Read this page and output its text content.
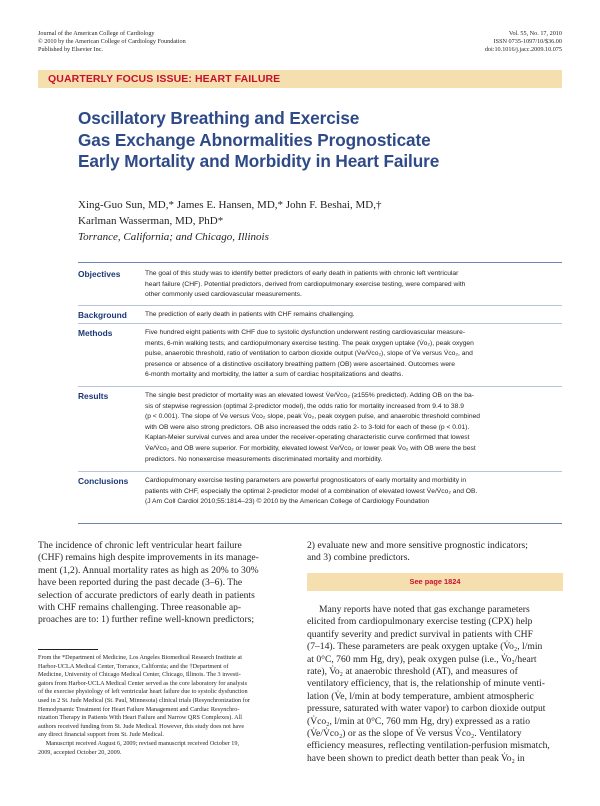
Journal of the American College of Cardiology
© 2010 by the American College of Cardiology Foundation
Published by Elsevier Inc.
Vol. 55, No. 17, 2010
ISSN 0735-1097/10/$36.00
doi:10.1016/j.jacc.2009.10.075
QUARTERLY FOCUS ISSUE: HEART FAILURE
Oscillatory Breathing and Exercise
Gas Exchange Abnormalities Prognosticate
Early Mortality and Morbidity in Heart Failure
Xing-Guo Sun, MD,* James E. Hansen, MD,* John F. Beshai, MD,†
Karlman Wasserman, MD, PhD*
Torrance, California; and Chicago, Illinois
Objectives	The goal of this study was to identify better predictors of early death in patients with chronic left ventricular
heart failure (CHF). Potential predictors, derived from cardiopulmonary exercise testing, were compared with
other commonly used cardiovascular measurements.
Background	The prediction of early death in patients with CHF remains challenging.
Methods	Five hundred eight patients with CHF due to systolic dysfunction underwent resting cardiovascular measure-
ments, 6-min walking tests, and cardiopulmonary exercise testing. The peak oxygen uptake (V̇o₂), peak oxygen
pulse, anaerobic threshold, ratio of ventilation to carbon dioxide output (V̇e/V̇co₂), slope of V̇e versus V̇co₂, and
presence or absence of a distinctive oscillatory breathing pattern (OB) were ascertained. Outcomes were
6-month mortality and morbidity, the latter a sum of cardiac hospitalizations and deaths.
Results	The single best predictor of mortality was an elevated lowest V̇e/V̇co₂ (≥155% predicted). Adding OB on the ba-
sis of stepwise regression (optimal 2-predictor model), the odds ratio for mortality increased from 9.4 to 38.9
(p < 0.001). The slope of V̇e versus V̇co₂ slope, peak V̇o₂, peak oxygen pulse, and anaerobic threshold combined
with OB were also strong predictors. OB also increased the odds ratio 2- to 3-fold for each of these (p < 0.01).
Kaplan-Meier survival curves and area under the receiver-operating characteristic curve confirmed that lowest
V̇e/V̇co₂ and OB were superior. For morbidity, elevated lowest V̇e/V̇co₂ or lower peak V̇o₂ with OB were the best
predictors. No nonexercise measurements discriminated mortality and morbidity.
Conclusions Cardiopulmonary exercise testing parameters are powerful prognosticators of early mortality and morbidity in
patients with CHF, especially the optimal 2-predictor model of a combination of elevated lowest V̇e/V̇co₂ and OB.
(J Am Coll Cardiol 2010;55:1814–23) © 2010 by the American College of Cardiology Foundation
The incidence of chronic left ventricular heart failure
(CHF) remains high despite improvements in its manage-
ment (1,2). Annual mortality rates as high as 20% to 30%
have been reported during the past decade (3–6). The
selection of accurate predictors of early death in patients
with CHF remains challenging. Three reasonable ap-
proaches are to: 1) further refine well-known predictors;
2) evaluate new and more sensitive prognostic indicators;
and 3) combine predictors.
See page 1824
Many reports have noted that gas exchange parameters
elicited from cardiopulmonary exercise testing (CPX) help
quantify severity and predict survival in patients with CHF
(7–14). These parameters are peak oxygen uptake (V̇o₂, l/min
at 0°C, 760 mm Hg, dry), peak oxygen pulse (i.e., V̇o₂/heart
rate), V̇o₂ at anaerobic threshold (AT), and measures of
ventilatory efficiency, that is, the relationship of minute venti-
lation (V̇e, l/min at body temperature, ambient atmospheric
pressure, saturated with water vapor) to carbon dioxide output
(V̇co₂, l/min at 0°C, 760 mm Hg, dry) expressed as a ratio
(V̇e/V̇co₂) or as the slope of V̇e versus V̇co₂. Ventilatory
efficiency measures, reflecting ventilation-perfusion mismatch,
have been shown to predict death better than peak V̇o₂ in
From the *Department of Medicine, Los Angeles Biomedical Research Institute at
Harbor-UCLA Medical Center, Torrance, California; and the †Department of
Medicine, University of Chicago Medical Center, Chicago, Illinois. The 3 investi-
gators from Harbor-UCLA Medical Center served as the core laboratory for analysis
of the exercise physiology of left ventricular heart failure due to systolic dysfunction
used in 2 St. Jude Medical (St. Paul, Minnesota) clinical trials (Resynchronization for
Hemodynamic Treatment for Heart Failure Management and Cardiac Resynchro-
nization Therapy in Patients With Heart Failure and Narrow QRS Complexes). All
authors received funding from St. Jude Medical. However, this study does not have
any direct financial support from St. Jude Medical.
Manuscript received August 6, 2009; revised manuscript received October 19,
2009, accepted October 20, 2009.
